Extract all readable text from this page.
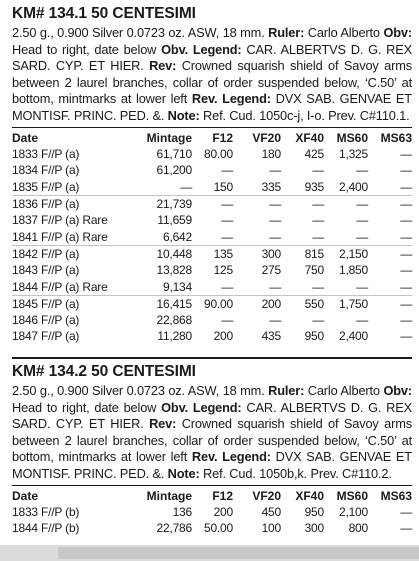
KM# 134.1 50 CENTESIMI
2.50 g., 0.900 Silver 0.0723 oz. ASW, 18 mm. Ruler: Carlo Alberto Obv: Head to right, date below Obv. Legend: CAR. ALBERTVS D. G. REX SARD. CYP. ET HIER. Rev: Crowned squarish shield of Savoy arms between 2 laurel branches, collar of order suspended below, ‘C.50’ at bottom, mintmarks at lower left Rev. Legend: DVX SAB. GENVAE ET MONTISF. PRINC. PED. &. Note: Ref. Cud. 1050c-j, I-o. Prev. C#110.1.
Date	Mintage	F12	VF20	XF40	MS60	MS63
1833 F//P (a)	61,710	80.00	180	425	1,325	—
1834 F//P (a)	61,200	—	—	—	—	—
1835 F//P (a)	—	150	335	935	2,400	—
1836 F//P (a)	21,739	—	—	—	—	—
1837 F//P (a) Rare	11,659	—	—	—	—	—
1841 F//P (a) Rare	6,642	—	—	—	—	—
1842 F//P (a)	10,448	135	300	815	2,150	—
1843 F//P (a)	13,828	125	275	750	1,850	—
1844 F//P (a) Rare	9,134	—	—	—	—	—
1845 F//P (a)	16,415	90.00	200	550	1,750	—
1846 F//P (a)	22,868	—	—	—	—	—
1847 F//P (a)	11,280	200	435	950	2,400	—
KM# 134.2 50 CENTESIMI
2.50 g., 0.900 Silver 0.0723 oz. ASW, 18 mm. Ruler: Carlo Alberto Obv: Head to right, date below Obv. Legend: CAR. ALBERTVS D. G. REX SARD. CYP. ET HIER. Rev: Crowned squarish shield of Savoy arms between 2 laurel branches, collar of order suspended below, ‘C.50’ at bottom, mintmarks at lower left Rev. Legend: DVX SAB. GENVAE ET MONTISF. PRINC. PED. &. Note: Ref. Cud. 1050b,k. Prev. C#110.2.
Date	Mintage	F12	VF20	XF40	MS60	MS63
1833 F//P (b)	136	200	450	950	2,100	—
1844 F//P (b)	22,786	50.00	100	300	800	—
